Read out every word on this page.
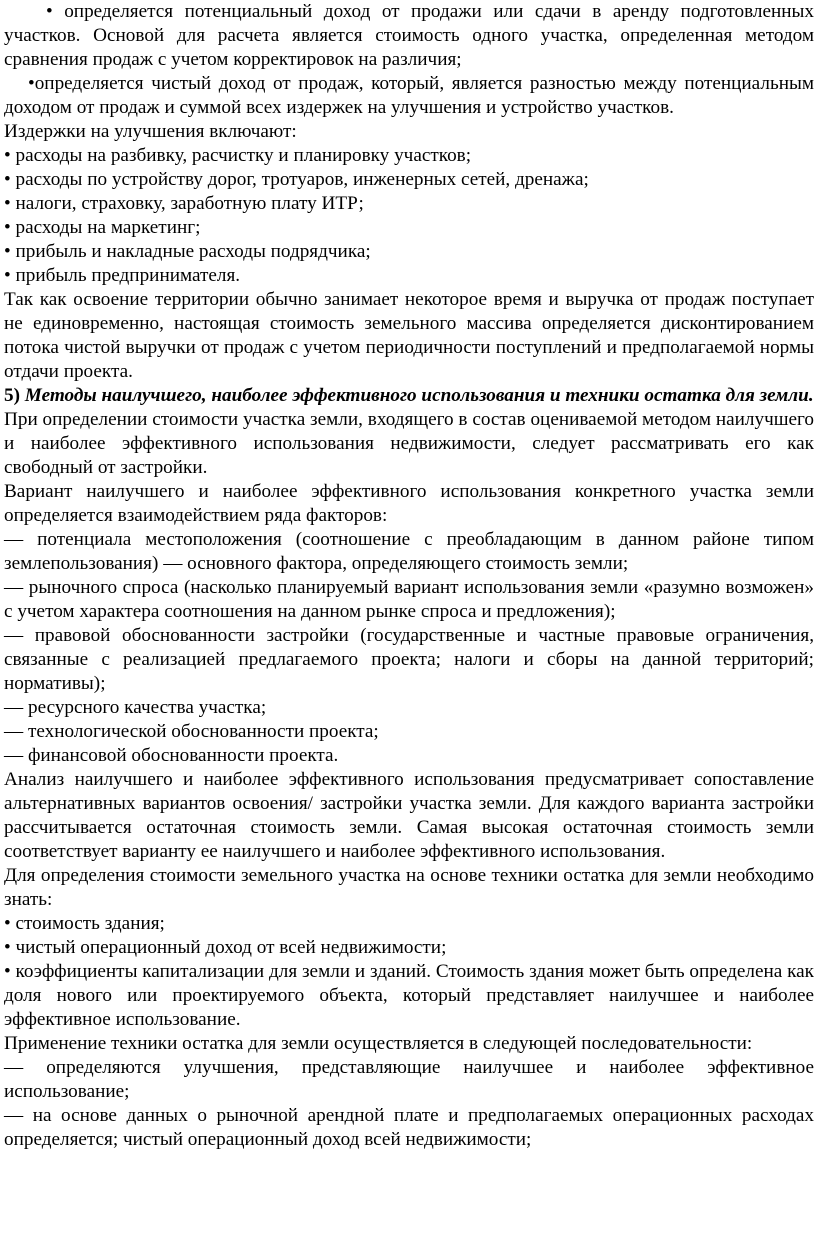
• определяется потенциальный доход от продажи или сдачи в аренду подготовленных участков. Основой для расчета является стоимость одного участка, определенная методом сравнения продаж с учетом корректировок на различия;

•определяется чистый доход от продаж, который, является разностью между потенциальным доходом от продаж и суммой всех издержек на улучшения и устройство участков.

Издержки на улучшения включают:

• расходы на разбивку, расчистку и планировку участков;

• расходы по устройству дорог, тротуаров, инженерных сетей, дренажа;

• налоги, страховку, заработную плату ИТР;

• расходы на маркетинг;

• прибыль и накладные расходы подрядчика;

• прибыль предпринимателя.

Так как освоение территории обычно занимает некоторое время и выручка от продаж поступает не единовременно, настоящая стоимость земельного массива определяется дисконтированием потока чистой выручки от продаж с учетом периодичности поступлений и предполагаемой нормы отдачи проекта.

5) Методы наилучшего, наиболее эффективного использования и техники остатка для земли.

При определении стоимости участка земли, входящего в состав оцениваемой методом наилучшего и наиболее эффективного использования недвижимости, следует рассматривать его как свободный от застройки.

Вариант наилучшего и наиболее эффективного использования конкретного участка земли определяется взаимодействием ряда факторов:

— потенциала местоположения (соотношение с преобладающим в данном районе типом землепользования) — основного фактора, определяющего стоимость земли;

— рыночного спроса (насколько планируемый вариант использования земли «разумно возможен» с учетом характера соотношения на данном рынке спроса и предложения);

— правовой обоснованности застройки (государственные и частные правовые ограничения, связанные с реализацией предлагаемого проекта; налоги и сборы на данной территорий; нормативы);

— ресурсного качества участка;

— технологической обоснованности проекта;

— финансовой обоснованности проекта.

Анализ наилучшего и наиболее эффективного использования предусматривает сопоставление альтернативных вариантов освоения/ застройки участка земли. Для каждого варианта застройки рассчитывается остаточная стоимость земли. Самая высокая остаточная стоимость земли соответствует варианту ее наилучшего и наиболее эффективного использования.

Для определения стоимости земельного участка на основе техники остатка для земли необходимо знать:

• стоимость здания;

• чистый операционный доход от всей недвижимости;

• коэффициенты капитализации для земли и зданий. Стоимость здания может быть определена как доля нового или проектируемого объекта, который представляет наилучшее и наиболее эффективное использование.

Применение техники остатка для земли осуществляется в следующей последовательности:

— определяются улучшения, представляющие наилучшее и наиболее эффективное использование;

— на основе данных о рыночной арендной плате и предполагаемых операционных расходах определяется; чистый операционный доход всей недвижимости;
